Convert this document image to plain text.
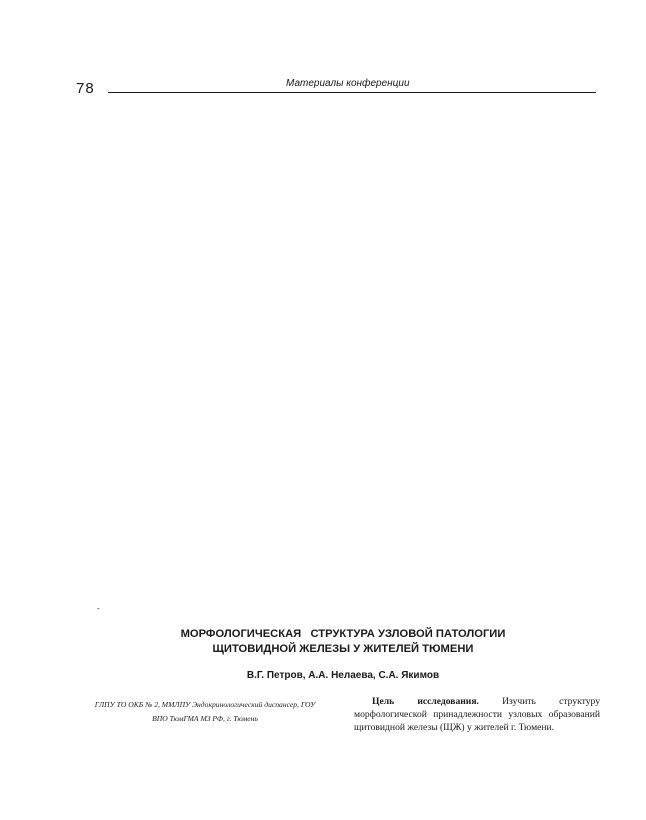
78	Материалы конференции
-
МОРФОЛОГИЧЕСКАЯ   СТРУКТУРА УЗЛОВОЙ ПАТОЛОГИИ
ЩИТОВИДНОЙ ЖЕЛЕЗЫ У ЖИТЕЛЕЙ ТЮМЕНИ
В.Г. Петров, А.А. Нелаева, С.А. Якимов
ГЛПУ ТО ОКБ № 2, ММЛПУ Эндокринологический диспансер, ГОУ ВПО ТюмГМА МЗ РФ, г. Тюмень
Цель исследования. Изучить структуру морфологической принадлежности узловых образований щитовидной железы (ЩЖ) у жителей г. Тюмени.
